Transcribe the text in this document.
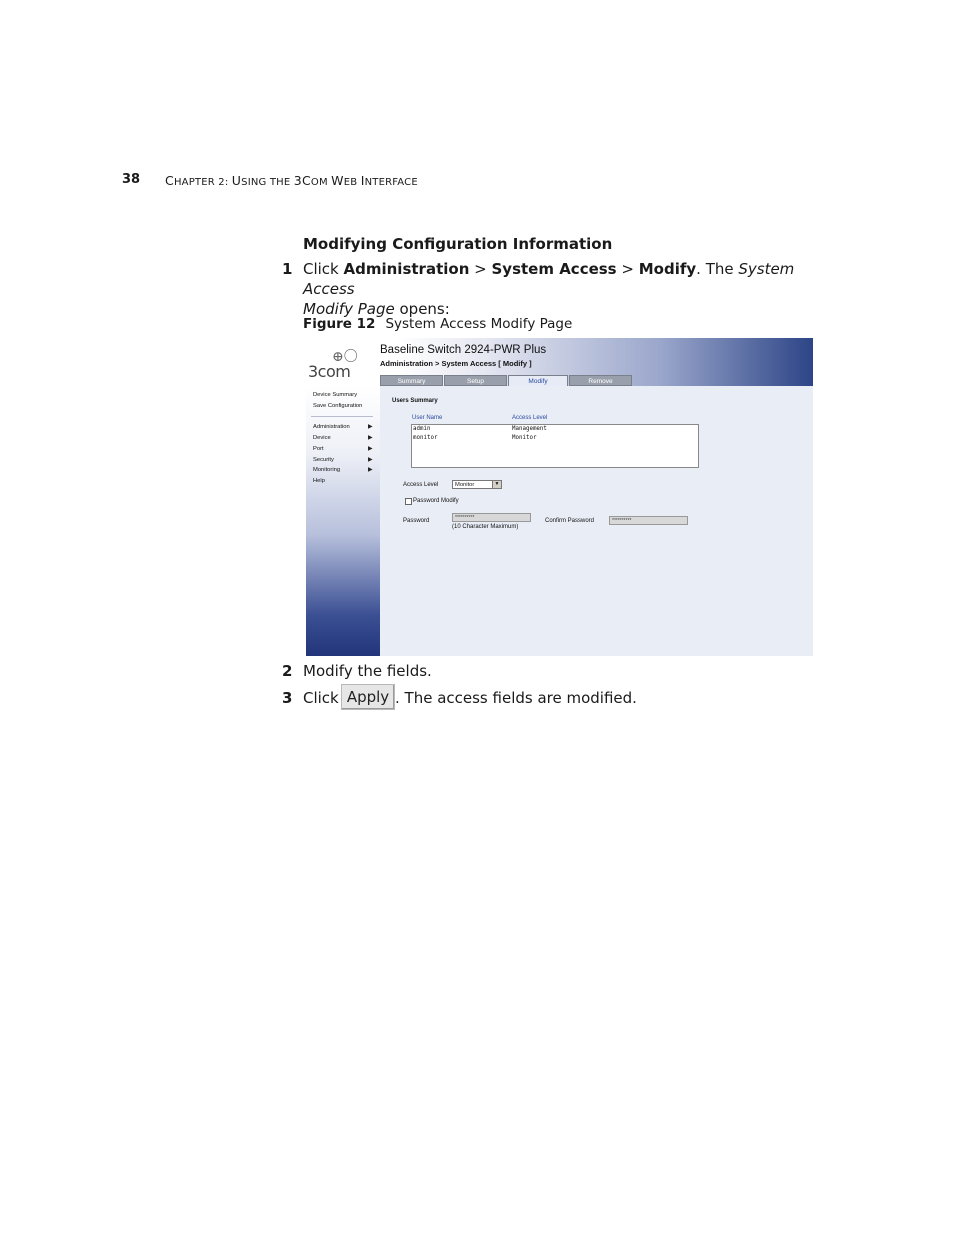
38 CHAPTER 2: USING THE 3COM WEB INTERFACE
Modifying Configuration Information
1 Click Administration > System Access > Modify. The System Access
Modify Page opens:
Figure 12 System Access Modify Page
⊕〇
3com
Baseline Switch 2924-PWR Plus
Administration > System Access [ Modify ]
Summary	Setup	Modify	Remove
Device Summary
Save Configuration
Administration	▶
Device	▶
Port	▶
Security	▶
Monitoring	▶
Help
Users Summary
User Name	Access Level
admin	Management
monitor	Monitor
Access Level	Monitor	▼
Password Modify
Password	**********
(10 Character Maximum)
Confirm Password	**********
2 Modify the fields.
3 Click Apply . The access fields are modified.
